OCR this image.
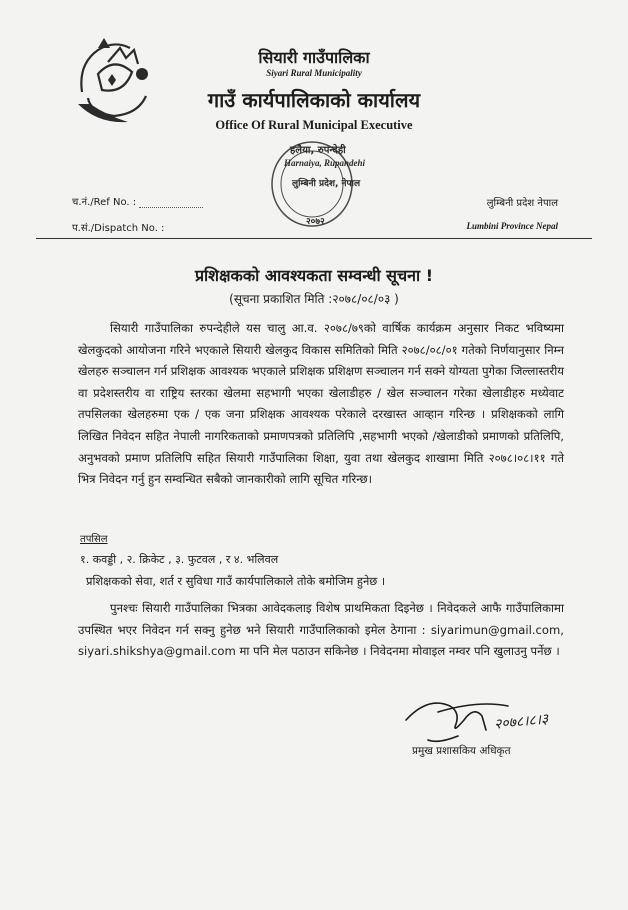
सियारी गाउँपालिका
Siyari Rural Municipality
गाउँ कार्यपालिकाको कार्यालय
Office Of Rural Municipal Executive
हलैया, रुपन्देही
Harnaiya, Rupandehi
लुम्बिनी प्रदेश, नेपाल
२०७२
च.नं./Ref No. :
प.सं./Dispatch No. :
लुम्बिनी प्रदेश नेपाल
Lumbini Province Nepal
प्रशिक्षकको आवश्यकता सम्वन्धी सूचना !
(सूचना प्रकाशित मिति :२०७८/०८/०३ )

सियारी गाउँपालिका रुपन्देहीले यस चालु आ.व. २०७८/७९को वार्षिक कार्यक्रम अनुसार निकट भविष्यमा खेलकुदको आयोजना गरिने भएकाले सियारी खेलकुद विकास समितिको मिति २०७८/०८/०१ गतेको निर्णयानुसार निम्न खेलहरु सञ्चालन गर्न प्रशिक्षक आवश्यक भएकाले प्रशिक्षक प्रशिक्षण सञ्चालन गर्न सक्ने योग्यता पुगेका जिल्लास्तरीय वा प्रदेशस्तरीय वा राष्ट्रिय स्तरका खेलमा सहभागी भएका खेलाडीहरु / खेल सञ्चालन गरेका खेलाडीहरु मध्येवाट तपसिलका खेलहरुमा एक / एक जना प्रशिक्षक आवश्यक परेकाले दरखास्त आव्हान गरिन्छ । प्रशिक्षकको लागि लिखित निवेदन सहित नेपाली नागरिकताको प्रमाणपत्रको प्रतिलिपि ,सहभागी भएको /खेलाडीको प्रमाणको प्रतिलिपि, अनुभवको प्रमाण प्रतिलिपि सहित सियारी गाउँपालिका शिक्षा, युवा तथा खेलकुद शाखामा मिति २०७८।०८।११ गते भित्र निवेदन गर्नु हुन सम्वन्धित सबैको जानकारीको लागि सूचित गरिन्छ।

तपसिल
१. कवड्डी , २. क्रिकेट , ३. फुटवल , र ४. भलिवल
प्रशिक्षकको सेवा, शर्त र सुविधा गाउँ कार्यपालिकाले तोके बमोजिम हुनेछ ।

पुनश्चः सियारी गाउँपालिका भित्रका आवेदकलाइ विशेष प्राथमिकता दिइनेछ । निवेदकले आफै गाउँपालिकामा उपस्थित भएर निवेदन गर्न सक्नु हुनेछ भने सियारी गाउँपालिकाको इमेल ठेगाना : siyarimun@gmail.com, siyari.shikshya@gmail.com मा पनि मेल पठाउन सकिनेछ । निवेदनमा मोवाइल नम्वर पनि खुलाउनु पर्नेछ ।

२०७८।८।३
प्रमुख प्रशासकिय अधिकृत
